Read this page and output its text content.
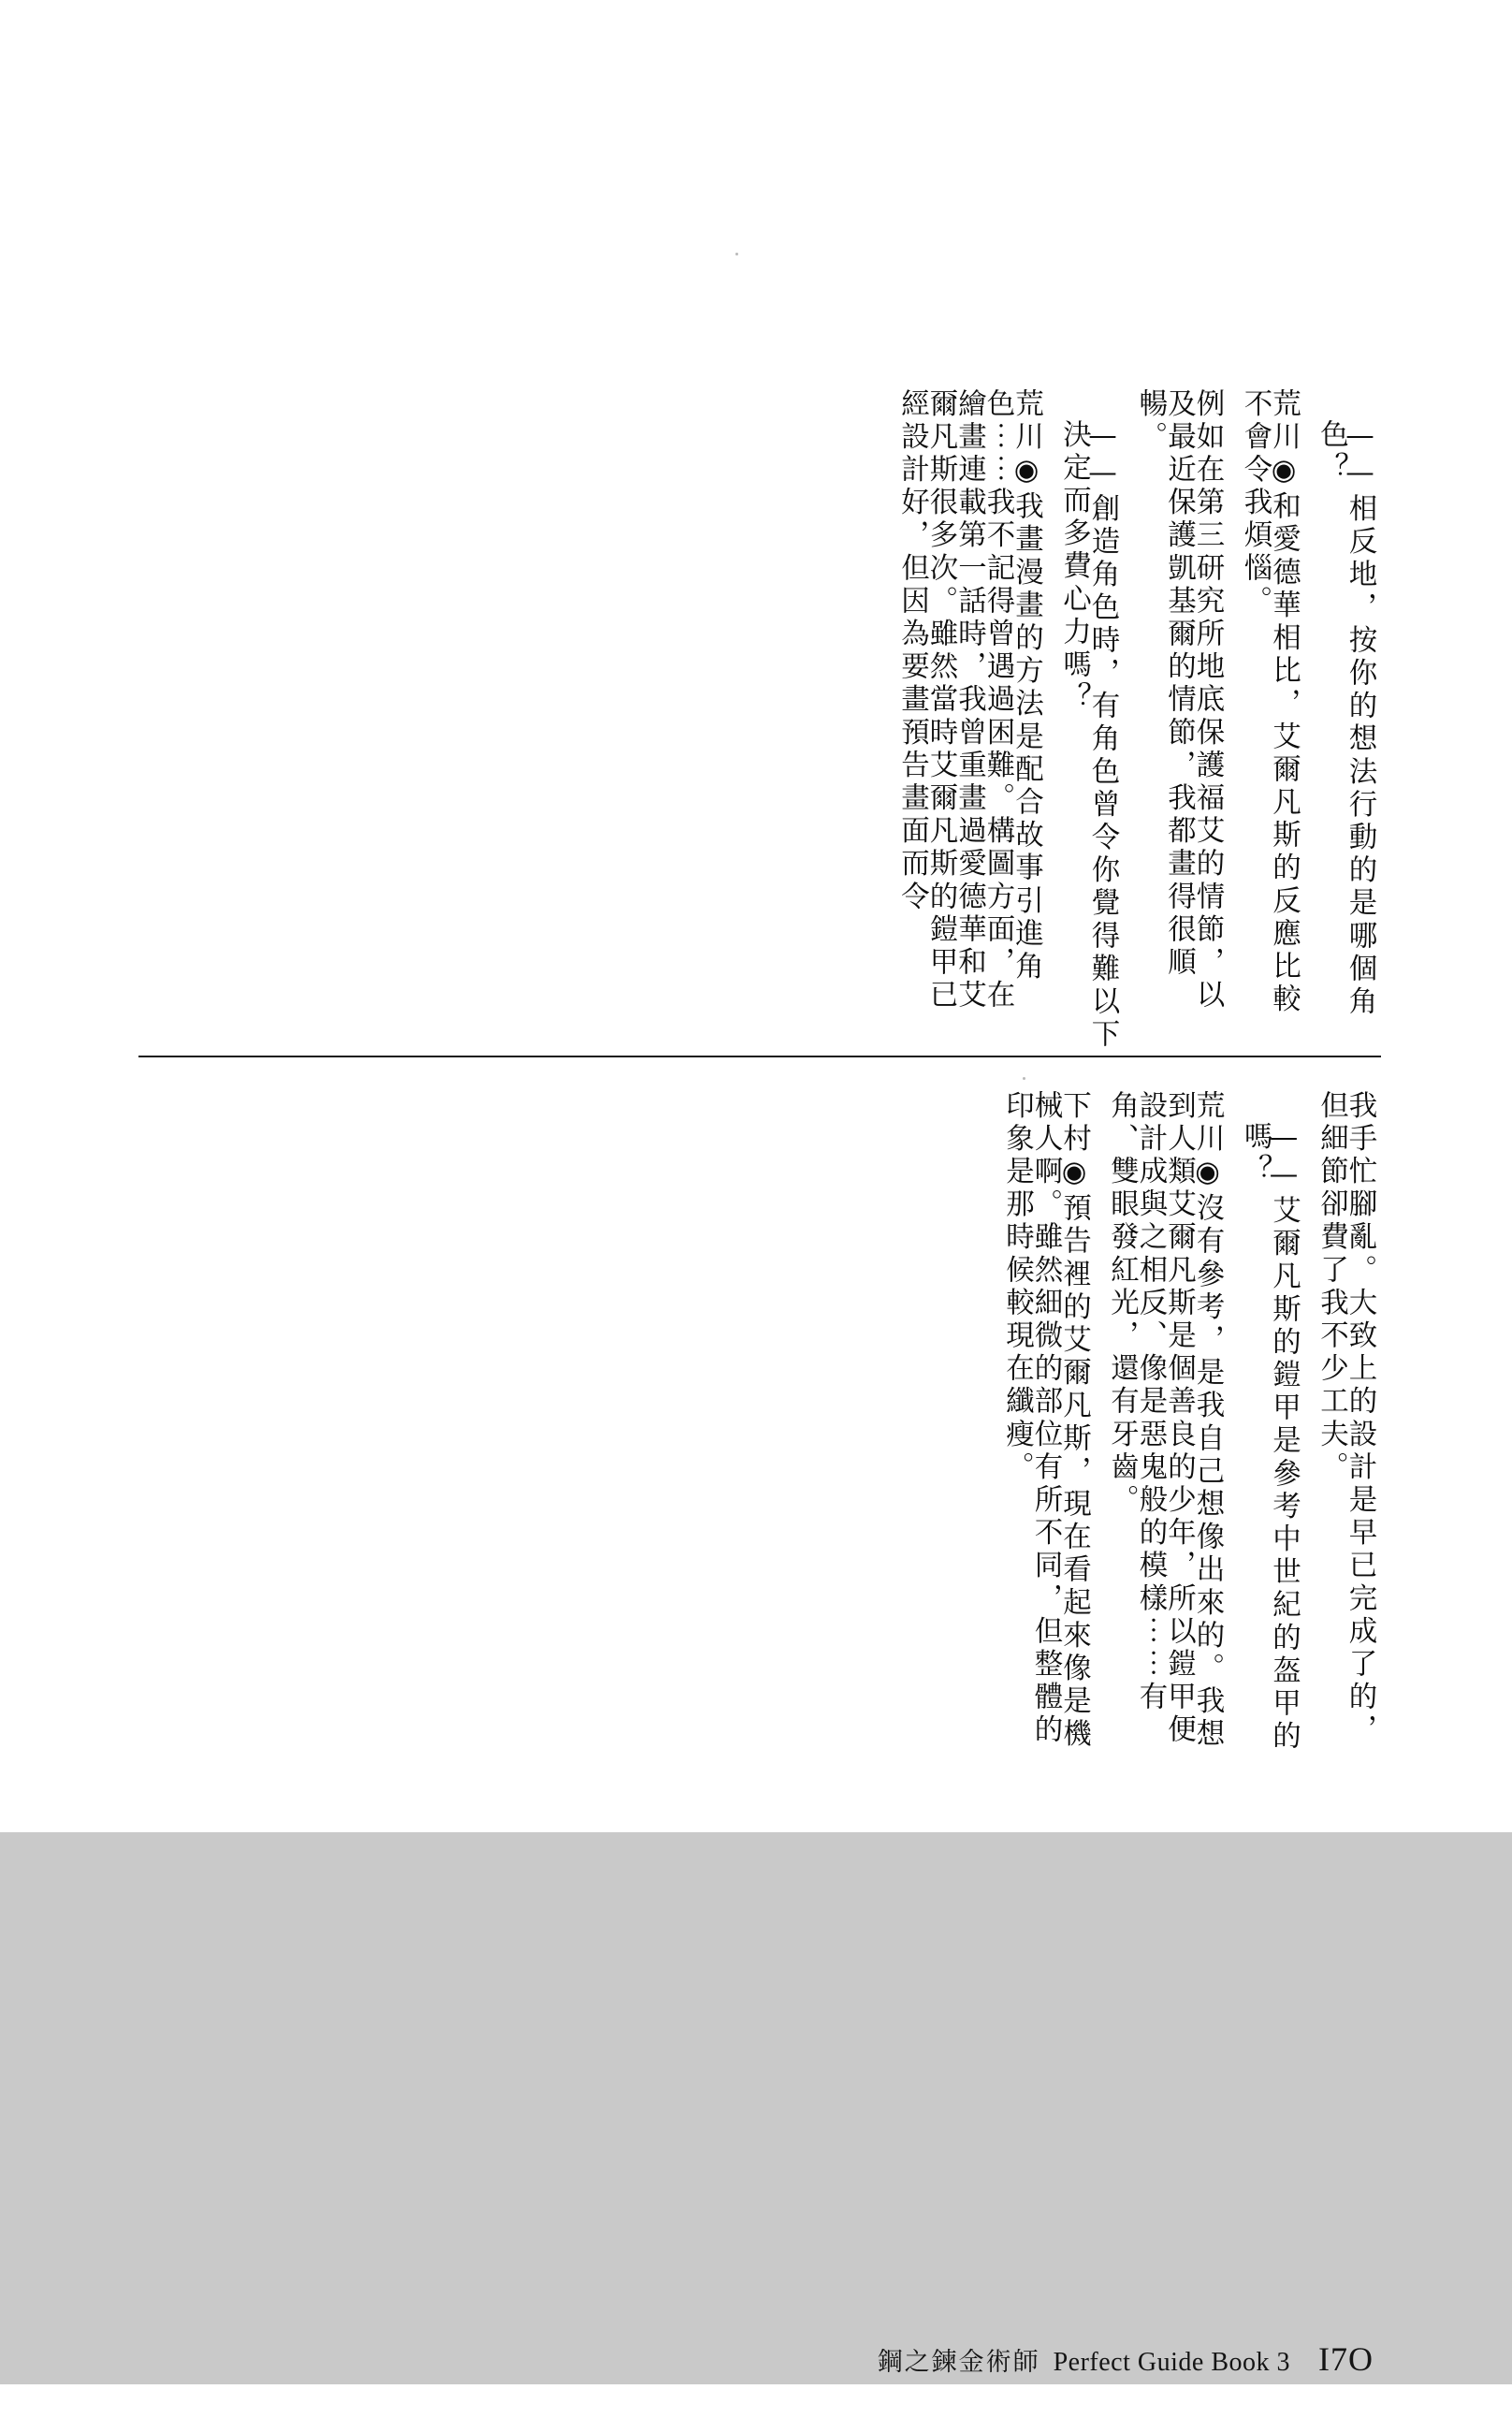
——相反地，按你的想法行動的是哪個角色？
荒川◉和愛德華相比，艾爾凡斯的反應比較不會令我煩惱。
例如在第三研究所地底保護福艾的情節，以及最近保護凱基爾的情節，我都畫得很順暢。
——創造角色時，有角色曾令你覺得難以下決定而多費心力嗎？
荒川◉我畫漫畫的方法是配合故事引進角色⋯⋯我不記得曾遇過困難。構圖方面，在繪畫連載第一話時，我曾重畫過愛德華和艾爾凡斯很多次。雖然當時艾爾凡斯的鎧甲已經設計好，但因為要畫預告畫面而令
我手忙腳亂。大致上的設計是早已完成了的，但細節卻費了我不少工夫。
——艾爾凡斯的鎧甲是參考中世紀的盔甲的嗎？
荒川◉沒有參考，是我自己想像出來的。我想到人類艾爾凡斯是個善良的少年，所以鎧甲便設計成與之相反、像是惡鬼般的模樣⋯⋯有角、雙眼發紅光，還有牙齒。
下村◉預告裡的艾爾凡斯，現在看起來像是機械人啊。雖然細微的部位有所不同，但整體的印象是那時候較現在纖瘦。
鋼之鍊金術師 Perfect Guide Book 3 I7O
